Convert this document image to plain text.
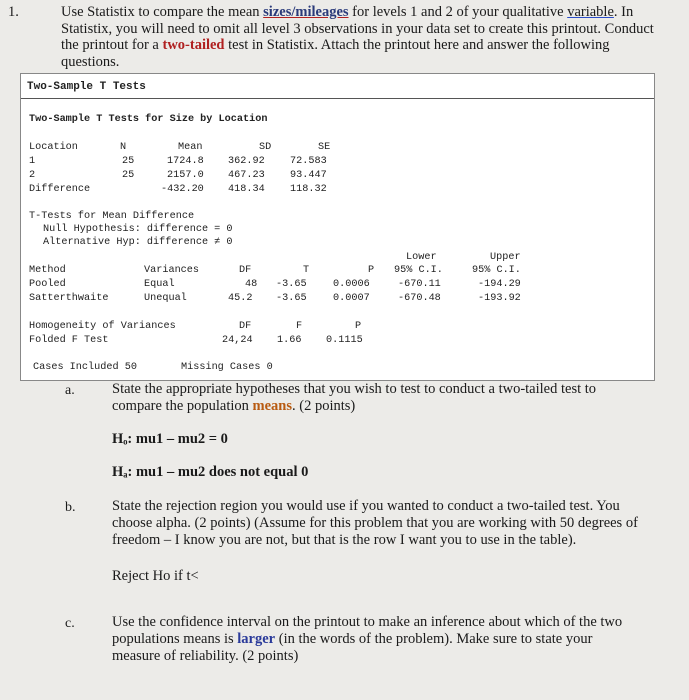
1.	Use Statistix to compare the mean sizes/mileages for levels 1 and 2 of your qualitative variable. In Statistix, you will need to omit all level 3 observations in your data set to create this printout. Conduct the printout for a two-tailed test in Statistix. Attach the printout here and answer the following questions.
Two-Sample T Tests
Two-Sample T Tests for Size by Location
Location	N	Mean	SD	SE
1	25	1724.8 362.92 72.583
2	25	2157.0 467.23 93.447
Difference	-432.20 418.34 118.32
T-Tests for Mean Difference
Null Hypothesis: difference = 0
Alternative Hyp: difference ≠ 0
Lower
95% C.I.
Upper
95% C.I.
Method	Variances	DF	T	P
Pooled	Equal	48 -3.65	0.0006	-670.11	-194.29
Satterthwaite	Unequal	45.2 -3.65	0.0007	-670.48	-193.92
Homogeneity of Variances
Folded F Test
DF	F	P
24,24 1.66 0.1115
Cases Included 50	Missing Cases 0
a.	State the appropriate hypotheses that you wish to test to conduct a two-tailed test to compare the population means. (2 points)
Hₒ: mu1 – mu2 = 0
Hₐ: mu1 – mu2 does not equal 0
b.	State the rejection region you would use if you wanted to conduct a two-tailed test. You choose alpha. (2 points) (Assume for this problem that you are working with 50 degrees of freedom – I know you are not, but that is the row I want you to use in the table).
Reject Ho if t<
c.	Use the confidence interval on the printout to make an inference about which of the two populations means is larger (in the words of the problem). Make sure to state your measure of reliability. (2 points)
